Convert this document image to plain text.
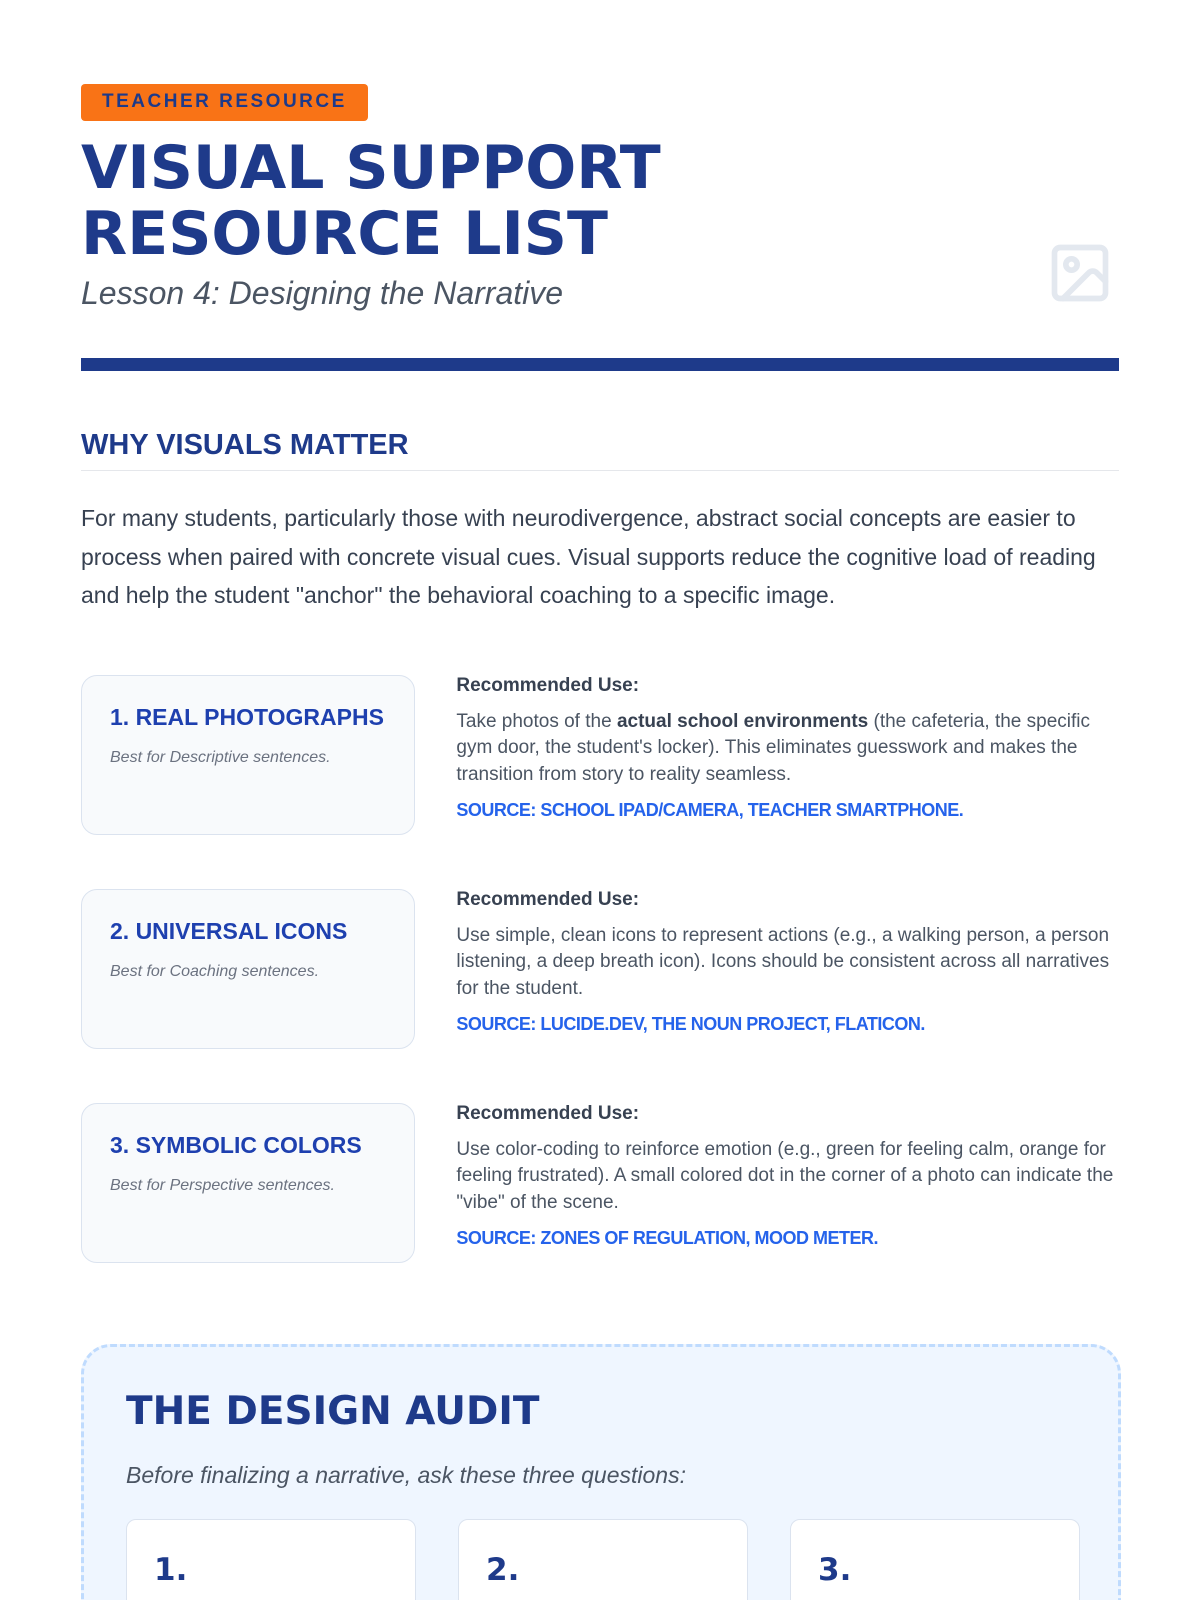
TEACHER RESOURCE
VISUAL SUPPORT RESOURCE LIST
Lesson 4: Designing the Narrative
WHY VISUALS MATTER

For many students, particularly those with neurodivergence, abstract social concepts are easier to process when paired with concrete visual cues. Visual supports reduce the cognitive load of reading and help the student "anchor" the behavioral coaching to a specific image.

1. REAL PHOTOGRAPHS
Best for Descriptive sentences.
Recommended Use:
Take photos of the actual school environments (the cafeteria, the specific gym door, the student's locker). This eliminates guesswork and makes the transition from story to reality seamless.
SOURCE: SCHOOL IPAD/CAMERA, TEACHER SMARTPHONE.
2. UNIVERSAL ICONS
Best for Coaching sentences.
Recommended Use:
Use simple, clean icons to represent actions (e.g., a walking person, a person listening, a deep breath icon). Icons should be consistent across all narratives for the student.
SOURCE: LUCIDE.DEV, THE NOUN PROJECT, FLATICON.
3. SYMBOLIC COLORS
Best for Perspective sentences.
Recommended Use:
Use color-coding to reinforce emotion (e.g., green for feeling calm, orange for feeling frustrated). A small colored dot in the corner of a photo can indicate the "vibe" of the scene.
SOURCE: ZONES OF REGULATION, MOOD METER.
THE DESIGN AUDIT
Before finalizing a narrative, ask these three questions:
1.	2.	3.
